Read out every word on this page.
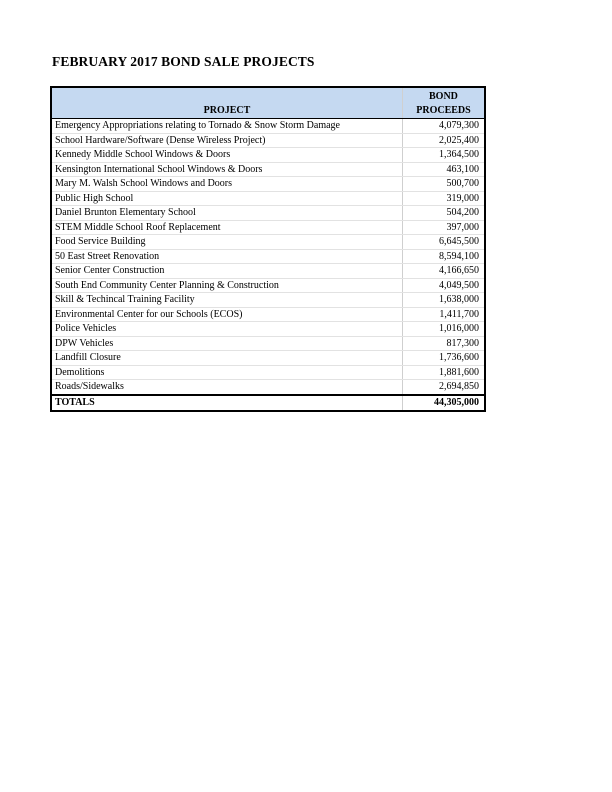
FEBRUARY 2017 BOND SALE PROJECTS
PROJECT	BOND
PROCEEDS
Emergency Appropriations relating to Tornado & Snow Storm Damage	4,079,300
School Hardware/Software (Dense Wireless Project)	2,025,400
Kennedy Middle School Windows & Doors	1,364,500
Kensington International School Windows & Doors	463,100
Mary M. Walsh School Windows and Doors	500,700
Public High School	319,000
Daniel Brunton Elementary School	504,200
STEM Middle School Roof Replacement	397,000
Food Service Building	6,645,500
50 East Street Renovation	8,594,100
Senior Center Construction	4,166,650
South End Community Center Planning & Construction	4,049,500
Skill & Techincal Training Facility	1,638,000
Environmental Center for our Schools (ECOS)	1,411,700
Police Vehicles	1,016,000
DPW Vehicles	817,300
Landfill Closure	1,736,600
Demolitions	1,881,600
Roads/Sidewalks	2,694,850
TOTALS	44,305,000
